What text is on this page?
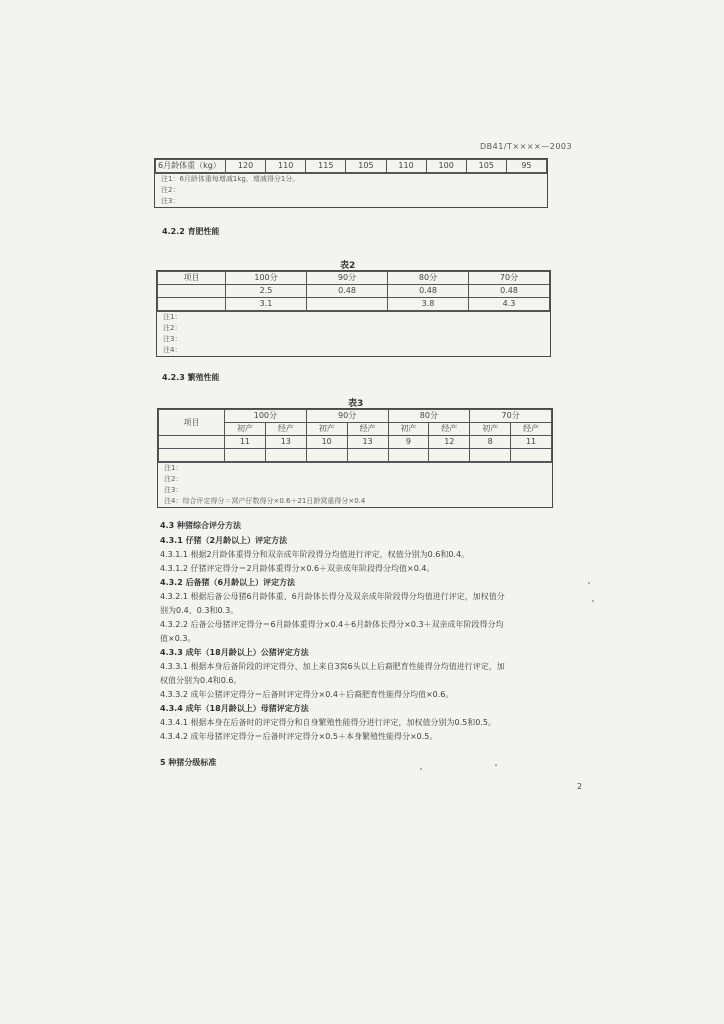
DB41/T××××—2003
6月龄体重（kg）	120	110	115	105	110	100	105	95
注1：6月龄体重每增减1kg，增减得分1分。
注2：
注3：
4.2.2 育肥性能
表2
项目	100分	90分	80分	70分
	2.5	0.48	0.48	0.48
	3.1		3.8	4.3
注1：
注2：
注3：
注4：
4.2.3 繁殖性能
表3
项目	100分		90分		80分		70分	
	初产	经产	初产	经产	初产	经产	初产	经产
	11	13	10	13	9	12	8	11

注1：
注2：
注3：
注4：综合评定得分＝窝产仔数得分×0.6＋21日龄窝重得分×0.4
4.3 种猪综合评分方法
4.3.1 仔猪（2月龄以上）评定方法
4.3.1.1 根据2月龄体重得分和双亲成年阶段得分均值进行评定，权值分别为0.6和0.4。
4.3.1.2 仔猪评定得分＝2月龄体重得分×0.6＋双亲成年阶段得分均值×0.4。
4.3.2 后备猪（6月龄以上）评定方法
4.3.2.1 根据后备公母猪6月龄体重、6月龄体长得分及双亲成年阶段得分均值进行评定，加权值分
别为0.4、0.3和0.3。
4.3.2.2 后备公母猪评定得分＝6月龄体重得分×0.4＋6月龄体长得分×0.3＋双亲成年阶段得分均
值×0.3。
4.3.3 成年（18月龄以上）公猪评定方法
4.3.3.1 根据本身后备阶段的评定得分、加上来自3窝6头以上后裔肥育性能得分均值进行评定，加
权值分别为0.4和0.6。
4.3.3.2 成年公猪评定得分＝后备时评定得分×0.4＋后裔肥育性能得分均值×0.6。
4.3.4 成年（18月龄以上）母猪评定方法
4.3.4.1 根据本身在后备时的评定得分和自身繁殖性能得分进行评定，加权值分别为0.5和0.5。
4.3.4.2 成年母猪评定得分＝后备时评定得分×0.5＋本身繁殖性能得分×0.5。
5 种猪分级标准
2
